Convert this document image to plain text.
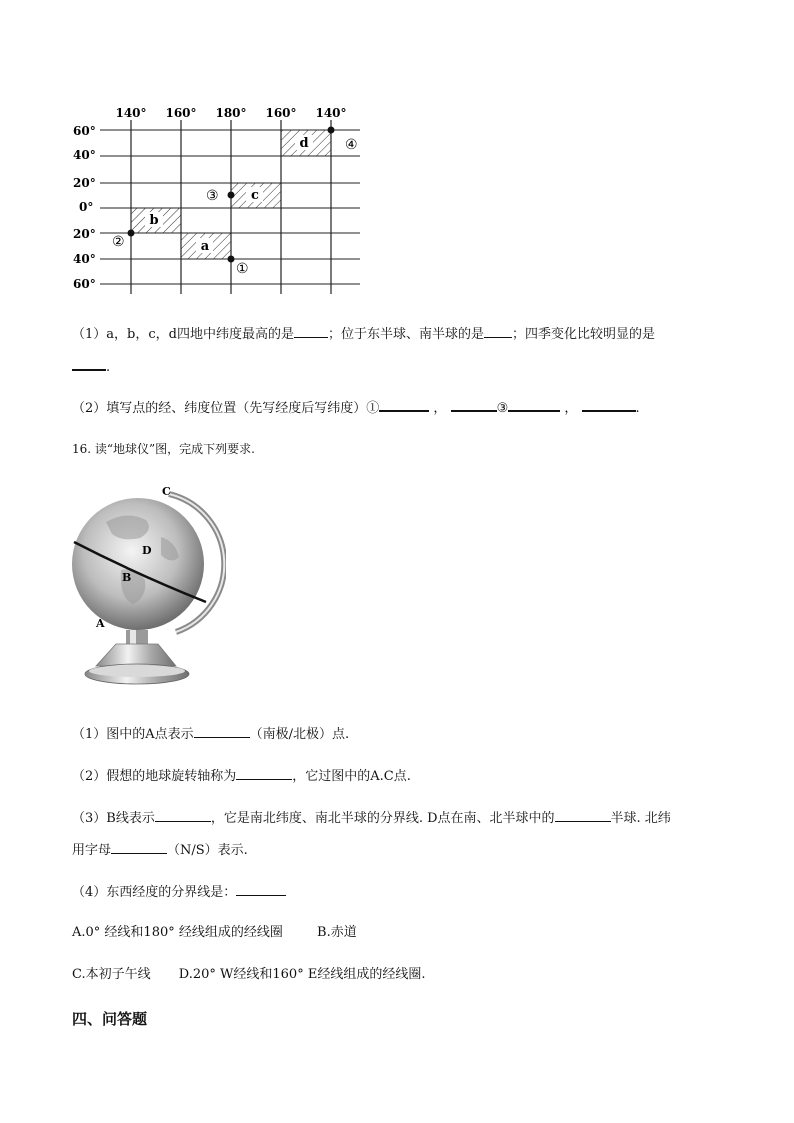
140° 160° 180° 160° 140°
60°
40°
20°
0°
20°
40°
60°
d
c
b
a
④
③
②
①
（1）a，b，c，d四地中纬度最高的是	；位于东半球、南半球的是 ；四季变化比较明显的是
.
（2）填写点的经、纬度位置（先写经度后写纬度）①	，	③	，	.
16. 读“地球仪”图，完成下列要求.
C
D
B
A
（1）图中的A点表示	（南极/北极）点.
（2）假想的地球旋转轴称为	，它过图中的A.C点.
（3）B线表示	，它是南北纬度、南北半球的分界线. D点在南、北半球中的	半球. 北纬
用字母	（N/S）表示.
（4）东西经度的分界线是：
A.0° 经线和180° 经线组成的经线圈	B.赤道
C.本初子午线 D.20° W经线和160° E经线组成的经线圈.
四、问答题
